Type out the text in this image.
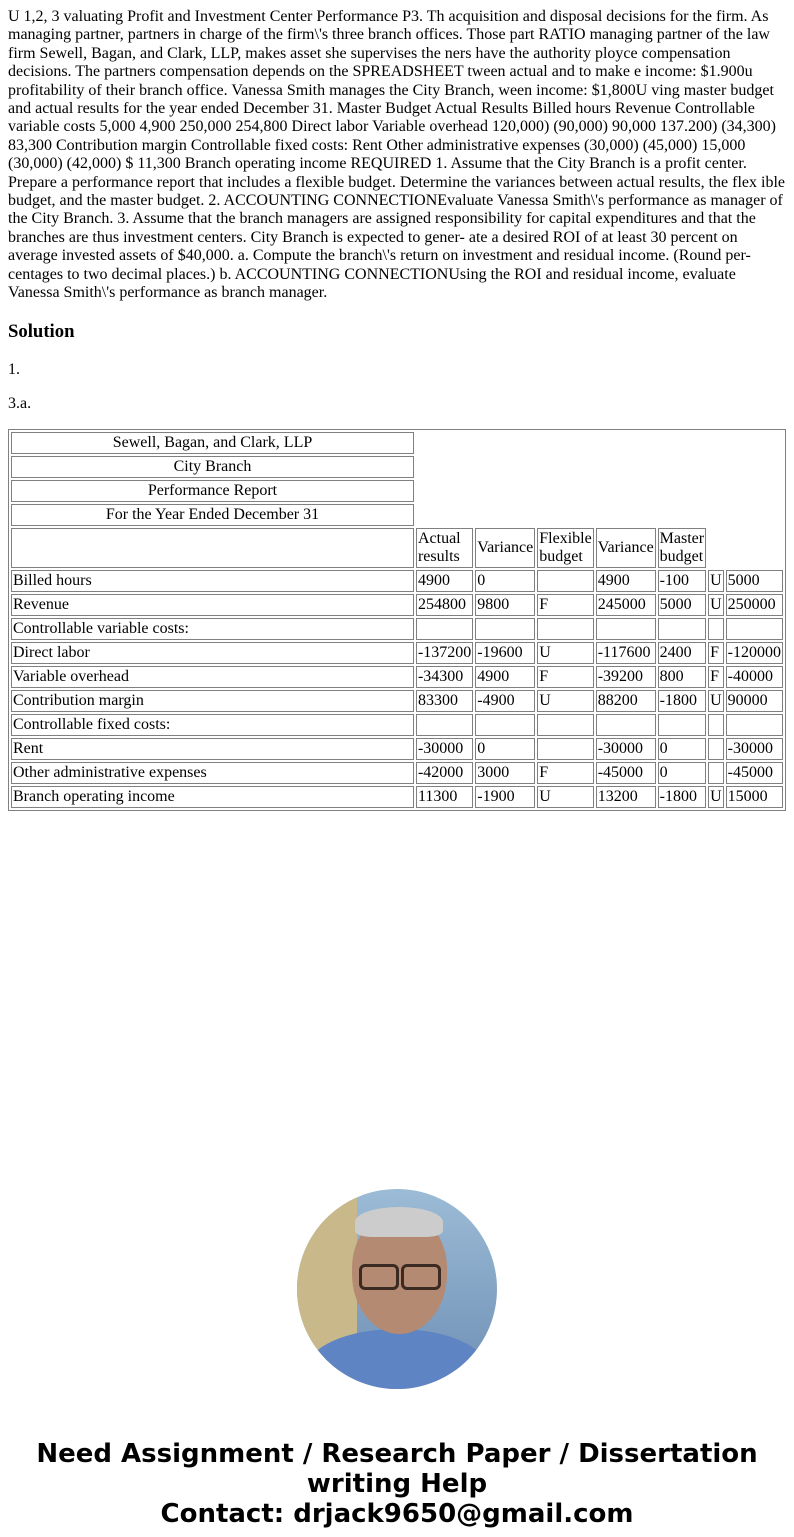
U 1,2, 3 valuating Profit and Investment Center Performance P3. Th acquisition and disposal decisions for the firm. As managing partner, partners in charge of the firm\'s three branch offices. Those part RATIO managing partner of the law firm Sewell, Bagan, and Clark, LLP, makes asset she supervises the ners have the authority ployce compensation decisions. The partners compensation depends on the SPREADSHEET tween actual and to make e income: $1.900u profitability of their branch office. Vanessa Smith manages the City Branch, ween income: $1,800U ving master budget and actual results for the year ended December 31. Master Budget Actual Results Billed hours Revenue Controllable variable costs 5,000 4,900 250,000 254,800 Direct labor Variable overhead 120,000) (90,000) 90,000 137.200) (34,300) 83,300 Contribution margin Controllable fixed costs: Rent Other administrative expenses (30,000) (45,000) 15,000 (30,000) (42,000) $ 11,300 Branch operating income REQUIRED 1. Assume that the City Branch is a profit center. Prepare a performance report that includes a flexible budget. Determine the variances between actual results, the flex ible budget, and the master budget. 2. ACCOUNTING CONNECTIONEvaluate Vanessa Smith\'s performance as manager of the City Branch. 3. Assume that the branch managers are assigned responsibility for capital expenditures and that the branches are thus investment centers. City Branch is expected to gener- ate a desired ROI of at least 30 percent on average invested assets of $40,000. a. Compute the branch\'s return on investment and residual income. (Round per- centages to two decimal places.) b. ACCOUNTING CONNECTIONUsing the ROI and residual income, evaluate Vanessa Smith\'s performance as branch manager.

Solution

1.

3.a.

Sewell, Bagan, and Clark, LLP							
City Branch							
Performance Report							
For the Year Ended December 31							
	Actual results	Variance	Flexible budget	Variance	Master budget		
Billed hours	4900	0		4900	-100	U	5000
Revenue	254800	9800	F	245000	5000	U	250000
Controllable variable costs:							
Direct labor	-137200	-19600	U	-117600	2400	F	-120000
Variable overhead	-34300	4900	F	-39200	800	F	-40000
Contribution margin	83300	-4900	U	88200	-1800	U	90000
Controllable fixed costs:							
Rent	-30000	0		-30000	0		-30000
Other administrative expenses	-42000	3000	F	-45000	0		-45000
Branch operating income	11300	-1900	U	13200	-1800	U	15000
Need Assignment / Research Paper / Dissertation writing Help
Contact: drjack9650@gmail.com
